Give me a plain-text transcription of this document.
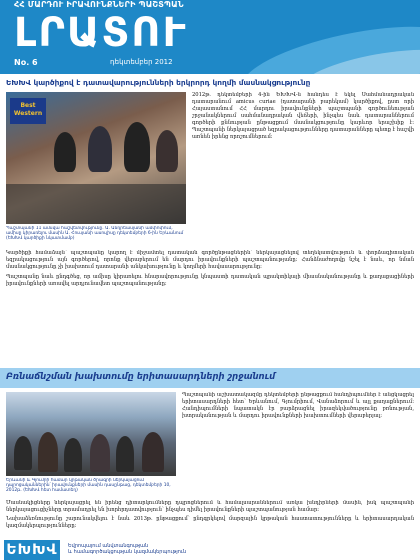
ՀՀ ՄԱՐԴՈՒ ԻՐԱՎՈՒՆՔՆԵՐԻ ՊԱՇՏՊԱՆ
ԼՐԱՏՈՒ
No. 6	դեկտեմբեր 2012
ԵԽԽՎ կարծիքով է դատավարությունների երկրորդ կողմի մասնակցությունը
Best Western
Պաշտպանի 11 ամսվա հաշվետվությունը. Ա. Անդրեասյանի ամփոփում, ամիսը կիրառելու մասին Ա. Հուսյանի ասուլիսը դեկտեմբերի 6-ին Երևանում (ԵԽԽՎ կարծիքի նկատմամբ)

2012թ. դեկտեմբերի 4-ին ԵԽԽՎ-ն հանդես է եկել Սահմանադրական դատարանում amicus curiae (դատարանի բարեկամ) կարծիքով, ըստ որի Հայաստանում ՀՀ մարդու իրավունքների պաշտպանի գործունեության շրջանակներում սահմանադրական վեճերի, ինչպես նաև դատարաններում գործերի քննության ընթացքում մասնակցությունը կարևոր երաշխիք է։ Պաշտպանի ներկայացրած եզրակացությունները դատարանները պետք է հաշվի առնեն իրենց որոշումներում։

Կարծիքի համաձայն՝ պաշտպանը կարող է միջամտել դատական գործընթացներին՝ ներկայացնելով տեղեկատվություն և փորձագիտական եզրակացություն այն գործերով, որոնք վերաբերում են մարդու իրավունքների պաշտպանությանը։ Հանձնաժողովը նշել է նաև, որ նման մասնակցությունը չի խախտում դատարանի անկախությունը և կողմերի հավասարությունը։

Պաշտպանը նաև ընդգծեց, որ ամիսը կիրառելու հնարավորությունը կնպաստի դատական պրակտիկայի միասնականությանը և քաղաքացիների իրավունքների առավել արդյունավետ պաշտպանությանը։

Բռնաճնշման խախտումը երիտասարդների շրջանում
Երևանի և Գյումրի համար կրթական ծրագրի ներկայացում դպրոցականներին՝ իրավունքների մասին դասընթաց, դեկտեմբերի 10, 2012թ. (ԵԽԽՎ հետ համատեղ)

Պաշտպանի աշխատակազմը դեկտեմբերի ընթացքում հանդիպումներ է անցկացրել երիտասարդների հետ՝ Երևանում, Գյումրիում, Վանաձորում և այլ քաղաքներում։ Հանդիպումների նպատակն էր բարձրացնել իրազեկվածությունը բռնության, խտրականության և մարդու իրավունքների խախտումների վերաբերյալ։

Մասնակիցները ներկայացրել են իրենց դիտարկումները դպրոցներում և համալսարաններում առկա խնդիրների մասին, իսկ պաշտպանի ներկայացուցիչները տրամադրել են խորհրդատվություն՝ ինչպես դիմել իրավունքների պաշտպանության համար։

Նախաձեռնությունը շարունակվելու է նաև 2013թ. ընթացքում՝ ընդգրկելով մարզային կրթական հաստատությունները և երիտասարդական կազմակերպությունները։

ԵԽԽՎ	Եվրոպայում անվտանգության
և համագործակցության կազմակերպություն
